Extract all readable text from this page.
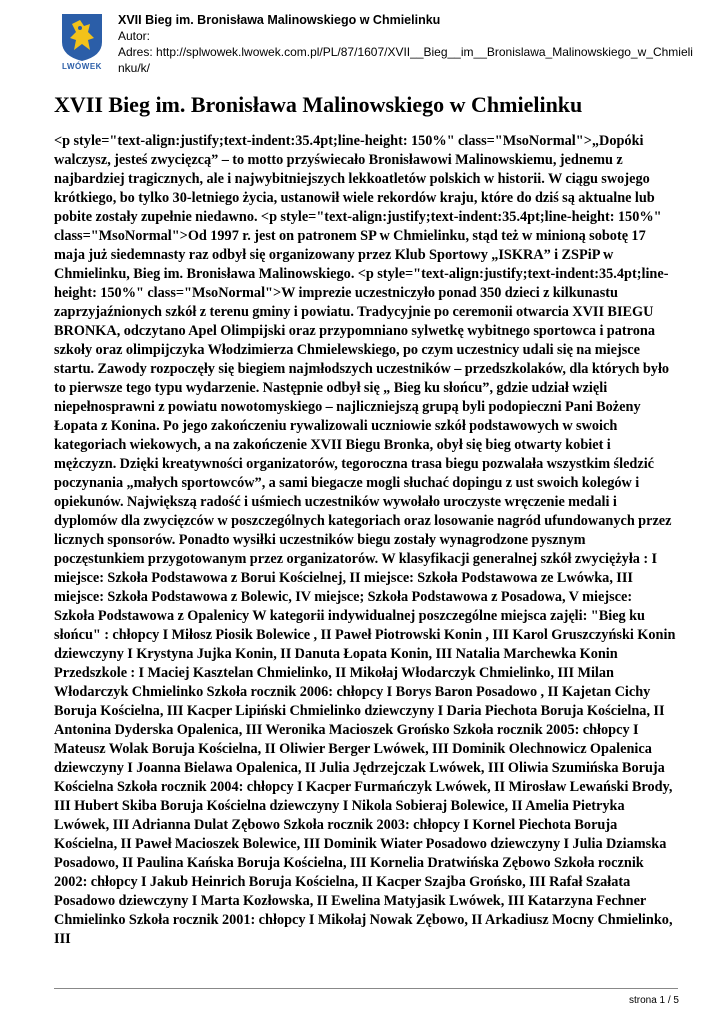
LWÓWEK
XVII Bieg im. Bronisława Malinowskiego w Chmielinku
Autor:
Adres: http://splwowek.lwowek.com.pl/PL/87/1607/XVII__Bieg__im__Bronislawa_Malinowskiego_w_Chmielinku/k/
XVII Bieg im. Bronisława Malinowskiego w Chmielinku

<p style="text-align:justify;text-indent:35.4pt;line-height: 150%" class="MsoNormal">„Dopóki walczysz, jesteś zwycięzcą” – to motto przyświecało Bronisławowi Malinowskiemu, jednemu z najbardziej tragicznych, ale i najwybitniejszych lekkoatletów polskich w historii. W ciągu swojego krótkiego, bo tylko 30-letniego życia, ustanowił wiele rekordów kraju, które do dziś są aktualne lub pobite zostały zupełnie niedawno. <p style="text-align:justify;text-indent:35.4pt;line-height: 150%" class="MsoNormal">Od 1997 r. jest on patronem SP w Chmielinku, stąd też w minioną sobotę 17 maja już siedemnasty raz odbył się organizowany przez Klub Sportowy „ISKRA” i ZSPiP w Chmielinku, Bieg im. Bronisława Malinowskiego. <p style="text-align:justify;text-indent:35.4pt;line-height: 150%" class="MsoNormal">W imprezie uczestniczyło ponad 350 dzieci z kilkunastu zaprzyjaźnionych szkół z terenu gminy i powiatu. Tradycyjnie po ceremonii otwarcia XVII BIEGU BRONKA, odczytano Apel Olimpijski oraz przypomniano sylwetkę wybitnego sportowca i patrona szkoły oraz olimpijczyka Włodzimierza Chmielewskiego, po czym uczestnicy udali się na miejsce startu. Zawody rozpoczęły się biegiem najmłodszych uczestników – przedszkolaków, dla których było to pierwsze tego typu wydarzenie. Następnie odbył się „ Bieg ku słońcu”, gdzie udział wzięli niepełnosprawni z powiatu nowotomyskiego – najliczniejszą grupą byli podopieczni Pani Bożeny Łopata z Konina. Po jego zakończeniu rywalizowali uczniowie szkół podstawowych w swoich kategoriach wiekowych, a na zakończenie XVII Biegu Bronka, obył się bieg otwarty kobiet i mężczyzn. Dzięki kreatywności organizatorów, tegoroczna trasa biegu pozwalała wszystkim śledzić poczynania „małych sportowców”, a sami biegacze mogli słuchać dopingu z ust swoich kolegów i opiekunów. Największą radość i uśmiech uczestników wywołało uroczyste wręczenie medali i dyplomów dla zwycięzców w poszczególnych kategoriach oraz losowanie nagród ufundowanych przez licznych sponsorów. Ponadto wysiłki uczestników biegu zostały wynagrodzone pysznym poczęstunkiem przygotowanym przez organizatorów. W klasyfikacji generalnej szkół zwyciężyła : I miejsce: Szkoła Podstawowa z Borui Kościelnej, II miejsce: Szkoła Podstawowa ze Lwówka, III miejsce: Szkoła Podstawowa z Bolewic, IV miejsce; Szkoła Podstawowa z Posadowa, V miejsce: Szkoła Podstawowa z Opalenicy W kategorii indywidualnej poszczególne miejsca zajęli: "Bieg ku słońcu" : chłopcy I Miłosz Piosik Bolewice , II Paweł Piotrowski Konin , III Karol Gruszczyński Konin dziewczyny I Krystyna Jujka Konin, II Danuta Łopata Konin, III Natalia Marchewka Konin Przedszkole : I Maciej Kasztelan Chmielinko, II Mikołaj Włodarczyk Chmielinko, III Milan Włodarczyk Chmielinko Szkoła rocznik 2006: chłopcy I Borys Baron Posadowo , II Kajetan Cichy Boruja Kościelna, III Kacper Lipiński Chmielinko dziewczyny I Daria Piechota Boruja Kościelna, II Antonina Dyderska Opalenica, III Weronika Macioszek Grońsko Szkoła rocznik 2005: chłopcy I Mateusz Wolak Boruja Kościelna, II Oliwier Berger Lwówek, III Dominik Olechnowicz Opalenica dziewczyny I Joanna Bielawa Opalenica, II Julia Jędrzejczak Lwówek, III Oliwia Szumińska Boruja Kościelna Szkoła rocznik 2004: chłopcy I Kacper Furmańczyk Lwówek, II Mirosław Lewański Brody, III Hubert Skiba Boruja Kościelna dziewczyny I Nikola Sobieraj Bolewice, II Amelia Pietryka Lwówek, III Adrianna Dulat Zębowo Szkoła rocznik 2003: chłopcy I Kornel Piechota Boruja Kościelna, II Paweł Macioszek Bolewice, III Dominik Wiater Posadowo dziewczyny I Julia Dziamska Posadowo, II Paulina Kańska Boruja Kościelna, III Kornelia Dratwińska Zębowo Szkoła rocznik 2002: chłopcy I Jakub Heinrich Boruja Kościelna, II Kacper Szajba Grońsko, III Rafał Szałata Posadowo dziewczyny I Marta Kozłowska, II Ewelina Matyjasik Lwówek, III Katarzyna Fechner Chmielinko Szkoła rocznik 2001: chłopcy I Mikołaj Nowak Zębowo, II Arkadiusz Mocny Chmielinko, III

strona 1 / 5
